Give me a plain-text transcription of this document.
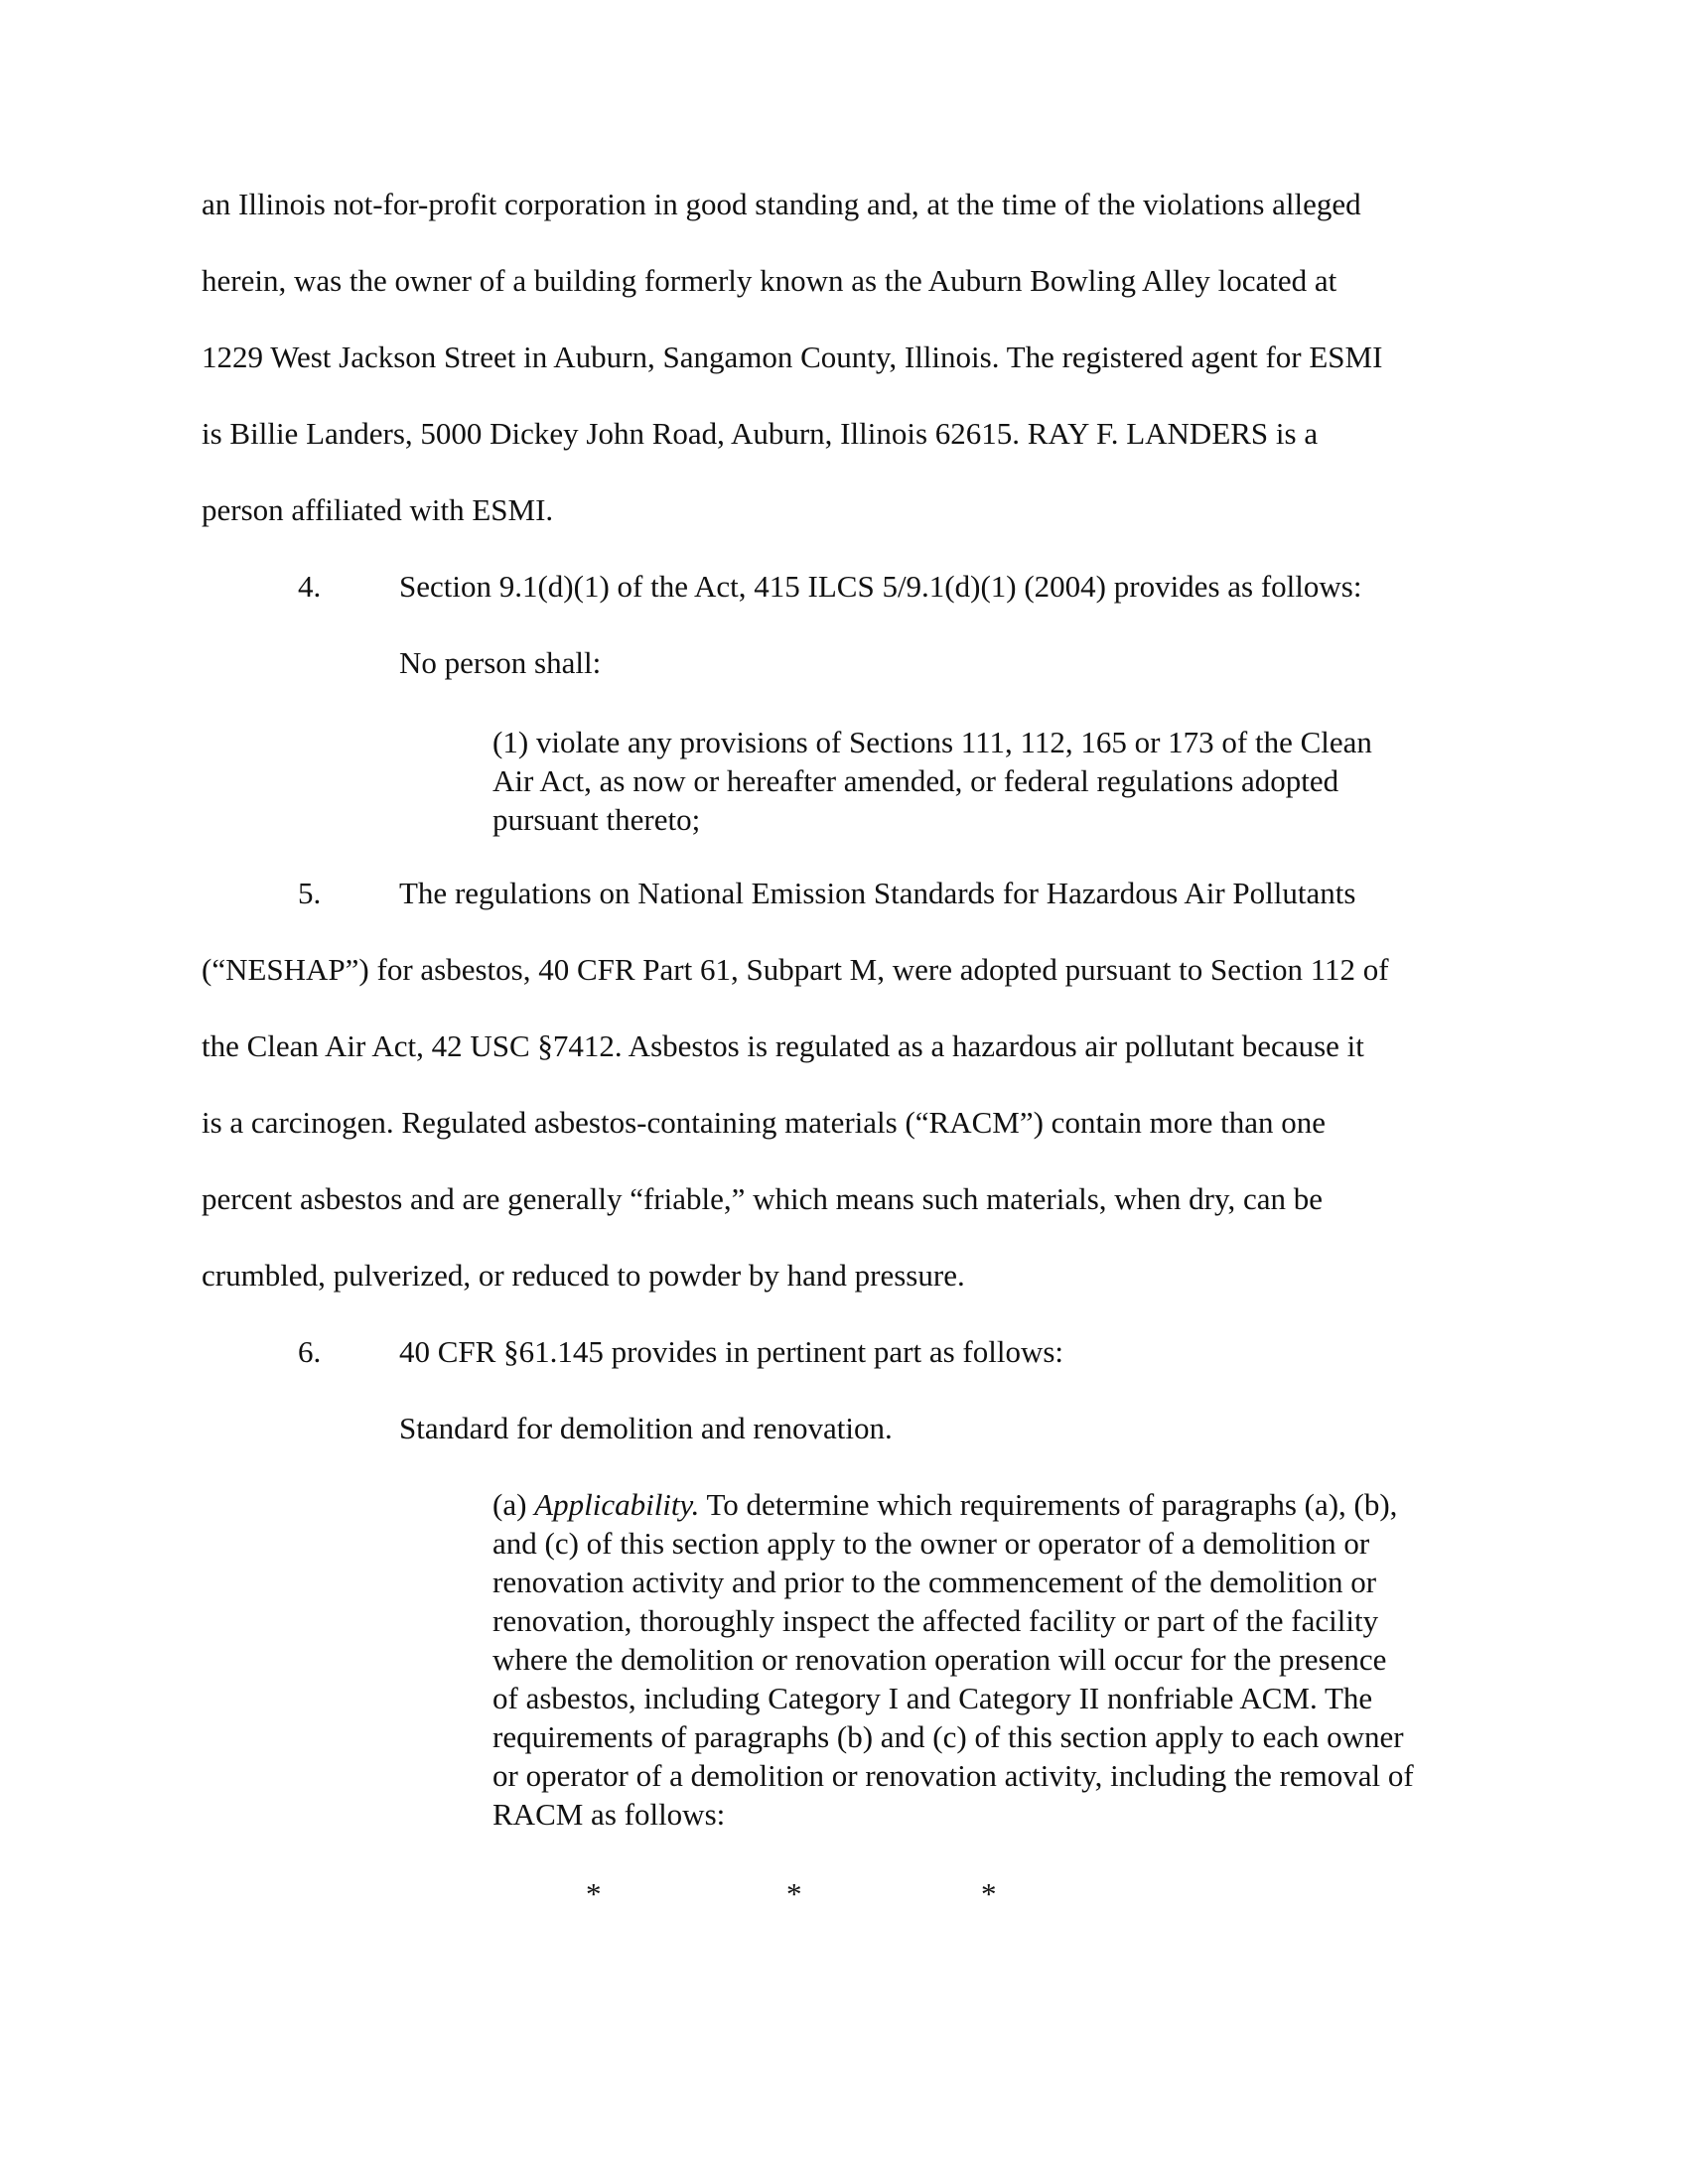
an Illinois not-for-profit corporation in good standing and, at the time of the violations alleged

herein, was the owner of a building formerly known as the Auburn Bowling Alley located at

1229 West Jackson Street in Auburn, Sangamon County, Illinois. The registered agent for ESMI

is Billie Landers, 5000 Dickey John Road, Auburn, Illinois 62615. RAY F. LANDERS is a

person affiliated with ESMI.

4.	Section 9.1(d)(1) of the Act, 415 ILCS 5/9.1(d)(1) (2004) provides as follows:

No person shall:

(1) violate any provisions of Sections 111, 112, 165 or 173 of the Clean

Air Act, as now or hereafter amended, or federal regulations adopted

pursuant thereto;

5.	The regulations on National Emission Standards for Hazardous Air Pollutants

(“NESHAP”) for asbestos, 40 CFR Part 61, Subpart M, were adopted pursuant to Section 112 of

the Clean Air Act, 42 USC §7412. Asbestos is regulated as a hazardous air pollutant because it

is a carcinogen. Regulated asbestos-containing materials (“RACM”) contain more than one

percent asbestos and are generally “friable,” which means such materials, when dry, can be

crumbled, pulverized, or reduced to powder by hand pressure.

6.	40 CFR §61.145 provides in pertinent part as follows:

Standard for demolition and renovation.

(a) Applicability. To determine which requirements of paragraphs (a), (b),

and (c) of this section apply to the owner or operator of a demolition or

renovation activity and prior to the commencement of the demolition or

renovation, thoroughly inspect the affected facility or part of the facility

where the demolition or renovation operation will occur for the presence

of asbestos, including Category I and Category II nonfriable ACM. The

requirements of paragraphs (b) and (c) of this section apply to each owner

or operator of a demolition or renovation activity, including the removal of

RACM as follows:

*	*	*
